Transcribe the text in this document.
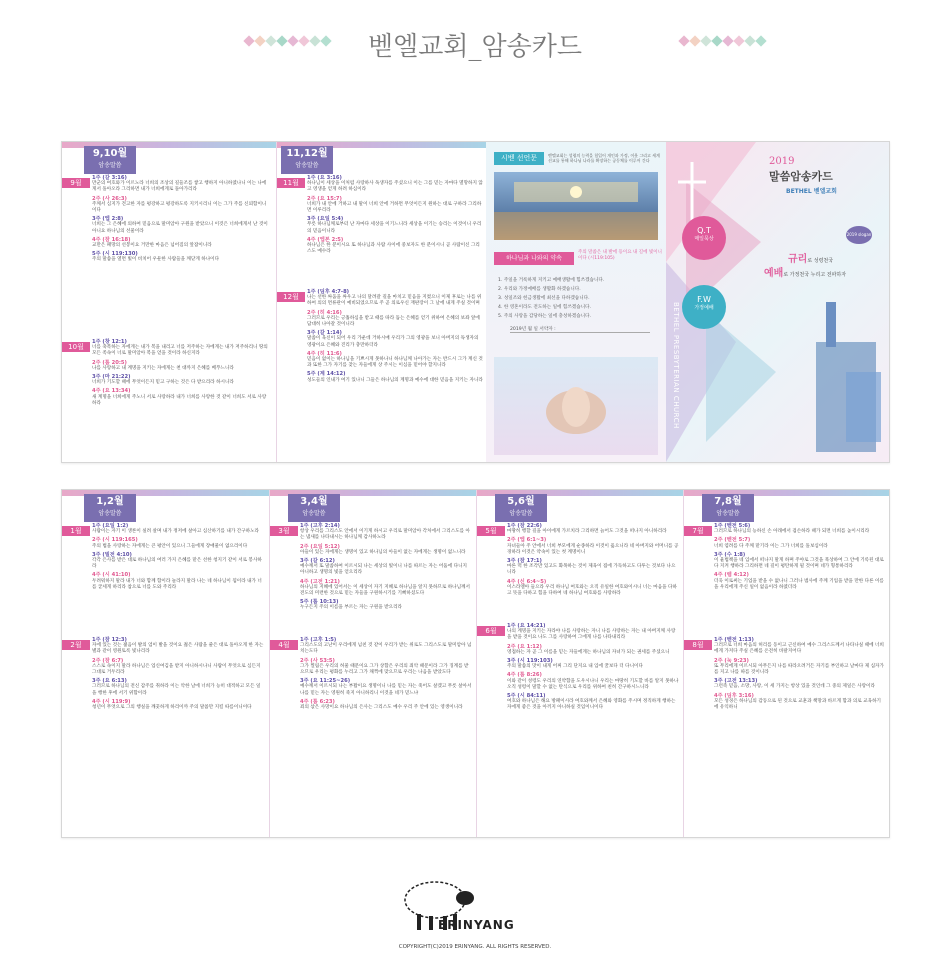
벧엘교회_암송카드
9,10월
암송말씀
BETHEL PRESBYTERIAN CHURCH
9월
1주 (갈 3:16)
만군의 여호와가 이르노라 너희의 조상의 길들조를 쌓고 행하지 아니하였나니 이는 나에게서 돌아오라 그리하면 내가 너희에게로 돌아가리라
2주 (사 26:3)
주께서 심지가 견고한 자를 평강하고 평강하도록 지키시리니 이는 그가 주를 신뢰함이니이다
3주 (엡 2:8)
너희는 그 은혜에 의하여 믿음으로 말미암아 구원을 받았으니 이것은 너희에게서 난 것이 아니요 하나님의 선물이라
4주 (잠 16:18)
교만은 패망의 선봉이요 거만한 마음은 넘어짐의 앞잡이니라
5주 (시 119:130)
주의 말씀을 열면 빛이 비치어 우둔한 사람들을 깨닫게 하나이다
10월
1주 (창 12:1)
너를 축복하는 자에게는 내가 복을 내리고 너를 저주하는 자에게는 내가 저주하리니 땅의 모든 족속이 너로 말미암아 복을 얻을 것이라 하신지라
2주 (롬 20:5)
나를 사랑하고 내 계명을 지키는 자에게는 천 대까지 은혜를 베푸느니라
3주 (마 21:22)
너희가 기도할 때에 무엇이든지 믿고 구하는 것은 다 받으리라 하시니라
4주 (요 13:34)
새 계명을 너희에게 주노니 서로 사랑하라 내가 너희를 사랑한 것 같이 너희도 서로 사랑하라
11,12월
암송말씀
BETHEL PRESBYTERIAN CHURCH
11월
1주 (요 3:16)
하나님이 세상을 이처럼 사랑하사 독생자를 주셨으니 이는 그를 믿는 자마다 멸망하지 않고 영생을 얻게 하려 하심이라
2주 (요 15:7)
너희가 내 안에 거하고 내 말이 너희 안에 거하면 무엇이든지 원하는 대로 구하라 그리하면 이루리라
3주 (요일 5:4)
무릇 하나님께로부터 난 자마다 세상을 이기느니라 세상을 이기는 승리는 이것이니 우리의 믿음이니라
4주 (엡본 2:5)
하나님은 한 분이시요 또 하나님과 사람 사이에 중보자도 한 분이시니 곧 사람이신 그리스도 예수라
12월
1주 (딤후 4:7-8)
나는 선한 싸움을 싸우고 나의 달려갈 길을 마치고 믿음을 지켰으니 이제 후로는 나를 위하여 의의 면류관이 예비되었으므로 주 곧 의로우신 재판장이 그 날에 내게 주실 것이며
2주 (히 4:16)
그러므로 우리는 긍휼하심을 받고 때를 따라 돕는 은혜를 얻기 위하여 은혜의 보좌 앞에 담대히 나아갈 것이니라
3주 (갈 1:14)
말씀이 육신이 되어 우리 가운데 거하시매 우리가 그의 영광을 보니 아버지의 독생자의 영광이요 은혜와 진리가 충만하더라
4주 (히 11:6)
믿음이 없이는 하나님을 기쁘시게 못하나니 하나님께 나아가는 자는 반드시 그가 계신 것과 또한 그가 자기를 찾는 자들에게 상 주시는 이심을 믿어야 할지니라
5주 (계 14:12)
성도들의 인내가 여기 있나니 그들은 하나님의 계명과 예수에 대한 믿음을 지키는 자니라
시벧 선언문	벧엘교회는 성령의 능력을 힘입어 개인과 가정, 이웃 그리고 세계선교를 통해 하나님 나라를 확장하는 공동체를 이루어 간다
하나님과 나와의 약속
주의 말씀은 내 발에 등이요 내 길에 빛이니이다 (시119:105)
1. 주일을 거룩하게 지키고 예배생활에 힘쓰겠습니다.
2. 우리와 가정예배를 생활화 하겠습니다.
3. 성일조와 헌금생활에 최선을 다하겠습니다.
4. 한 영혼이라도 전도하는 일에 힘쓰겠습니다.
5. 주의 사랑을 감당하는 일에 충성하겠습니다.
2019년 월 일 서약자 :
2019
말씀암송카드
BETHEL 벧엘교회
Q.T
매일묵상
F.W
가정예배
2019 slogan
규리로 성령천국
예배로 가정천국 누리고 전파하자
BETHEL PRESBYTERIAN CHURCH
1,2월
암송말씀
BETHEL PRESBYTERIAN CHURCH
1월
1주 (요일 1:2)
사람이는 자기 이 생론이 실려 살며 내가 정저에 살아고 심산하기를 내가 간구하노라
2주 (시 119:165)
주의 법을 사랑하는 자에게는 큰 평안이 있으니 그들에게 장애물이 없으리이다
3주 (빌전 4:10)
각각 은사를 받은 대로 하나님의 여러 가지 은혜를 맡은 선한 청지기 같이 서로 봉사하라
4주 (시 41:10)
두려워하지 말라 내가 너와 함께 함이라 놀라지 말라 나는 네 하나님이 됨이라 내가 너를 굳세게 하리라 참으로 너를 도와 주리라
2월
1주 (잠 12:3)
자에 있는 것는 젊음이 발의 엄이 발을 것이요 젊은 사람을 줄은 대로 돌아오게 한 자는 별과 같이 영원토록 빛나리라
2주 (잠 6:7)
스스로 속이지 말라 하나님은 업신여김을 받지 아니하시나니 사람이 무엇으로 심든지 그대로 거두리라
3주 (요 6:13)
그러므로 하나님의 전신 갑주를 취하라 이는 악한 날에 너희가 능히 대적하고 모든 일을 행한 후에 서기 위함이라
4주 (시 119:9)
청년이 무엇으로 그의 행실을 깨끗하게 하리이까 주의 말씀만 지킬 따름이니이다
3,4월
암송말씀
BETHEL PRESBYTERIAN CHURCH
3월
1주 (고후 2:14)
항상 우리를 그리스도 안에서 이기게 하시고 우리로 말미암아 각처에서 그리스도를 아는 냄새를 나타내시는 하나님께 감사하노라
2주 (요일 5:12)
아들이 있는 자에게는 생명이 있고 하나님의 아들이 없는 자에게는 생명이 없느니라
3주 (갈 6:12)
예수께서 또 말씀하여 이르시되 나는 세상의 빛이니 나를 따르는 자는 어둠에 다니지 아니하고 생명의 빛을 얻으리라
4주 (고전 1:21)
하나님의 지혜에 있어서는 이 세상이 자기 지혜로 하나님을 알지 못하므로 하나님께서 전도의 미련한 것으로 믿는 자들을 구원하시기를 기뻐하셨도다
5주 (롬 10:13)
누구든지 주의 이름을 부르는 자는 구원을 받으리라
4월
1주 (고후 1:5)
그리스도의 고난이 우리에게 넘친 것 같이 우리가 받는 위로도 그리스도로 말미암아 넘치는도다
2주 (사 53:5)
그가 찔림은 우리의 허물 때문이요 그가 상함은 우리의 죄악 때문이라 그가 징계를 받으므로 우리는 평화를 누리고 그가 채찍에 맞으므로 우리는 나음을 받았도다
3주 (요 11:25~26)
예수께서 이르시되 나는 부활이요 생명이니 나를 믿는 자는 죽어도 살겠고 무릇 살아서 나를 믿는 자는 영원히 죽지 아니하리니 이것을 네가 믿느냐
4주 (롬 6:23)
죄의 삯은 사망이요 하나님의 은사는 그리스도 예수 우리 주 안에 있는 영생이니라
5,6월
암송말씀
BETHEL PRESBYTERIAN CHURCH
5월
1주 (잠 22:6)
마땅히 행할 길을 아이에게 가르치라 그리하면 늙어도 그것을 떠나지 아니하리라
2주 (엡 6:1~3)
자녀들아 주 안에서 너희 부모에게 순종하라 이것이 옳으니라 네 아버지와 어머니를 공경하라 이것은 약속이 있는 첫 계명이니
3주 (잠 17:1)
마른 떡 한 조각만 있고도 화목하는 것이 제육이 집에 가득하고도 다투는 것보다 나으니라
4주 (신 6:4~5)
이스라엘아 들으라 우리 하나님 여호와는 오직 유일한 여호와이시니 너는 마음을 다하고 뜻을 다하고 힘을 다하여 네 하나님 여호와를 사랑하라
6월
1주 (요 14:21)
나의 계명을 지키는 자라야 나를 사랑하는 자니 나를 사랑하는 자는 내 아버지께 사랑을 받을 것이요 나도 그를 사랑하여 그에게 나를 나타내리라
2주 (요 1:12)
영접하는 자 곧 그 이름을 믿는 자들에게는 하나님의 자녀가 되는 권세를 주셨으니
3주 (시 119:103)
주의 말씀의 맛이 내게 어찌 그리 단지요 내 입에 꿀보다 더 다니이다
4주 (롬 8:26)
이와 같이 성령도 우리의 연약함을 도우시나니 우리는 마땅히 기도할 바를 알지 못하나 오직 성령이 말할 수 없는 탄식으로 우리를 위하여 친히 간구하시느니라
5주 (시 84:11)
여호와 하나님은 해요 방패이시라 여호와께서 은혜와 영화를 주시며 정직하게 행하는 자에게 좋은 것을 아끼지 아니하실 것임이니이다
7,8월
암송말씀
BETHEL PRESBYTERIAN CHURCH
7월
1주 (벧전 5:6)
그러므로 하나님의 능하신 손 아래에서 겸손하라 때가 되면 너희를 높이시리라
2주 (벧전 5:7)
너희 염려를 다 주께 맡기라 이는 그가 너희를 돌보심이라
3주 (수 1:8)
이 율법책을 네 입에서 떠나지 말게 하며 주야로 그것을 묵상하여 그 안에 기록된 대로 다 지켜 행하라 그리하면 네 길이 평탄하게 될 것이며 네가 형통하리라
4주 (렘 4:12)
더욱 이로써는 기업을 받을 수 없나니 그러나 범사에 주께 기업을 받을 만한 다른 이름을 우리에게 주신 일이 없음이라 하였더라
8월
1주 (벧전 1:13)
그러므로 너희 마음의 허리를 동이고 근신하여 예수 그리스도께서 나타나실 때에 너희에게 가져다 주실 은혜를 온전히 바랄지어다
2주 (눅 9:23)
또 무리에게 이르시되 아무든지 나를 따라오려거든 자기를 부인하고 날마다 제 십자가를 지고 나를 따를 것이니라
3주 (고전 13:13)
그런즉 믿음, 소망, 사랑, 이 세 가지는 항상 있을 것인데 그 중의 제일은 사랑이라
4주 (딤후 3:16)
모든 성경은 하나님의 감동으로 된 것으로 교훈과 책망과 바르게 함과 의로 교육하기에 유익하니
ERINYANG
COPYRIGHT(C)2019 ERINYANG. ALL RIGHTS RESERVED.
